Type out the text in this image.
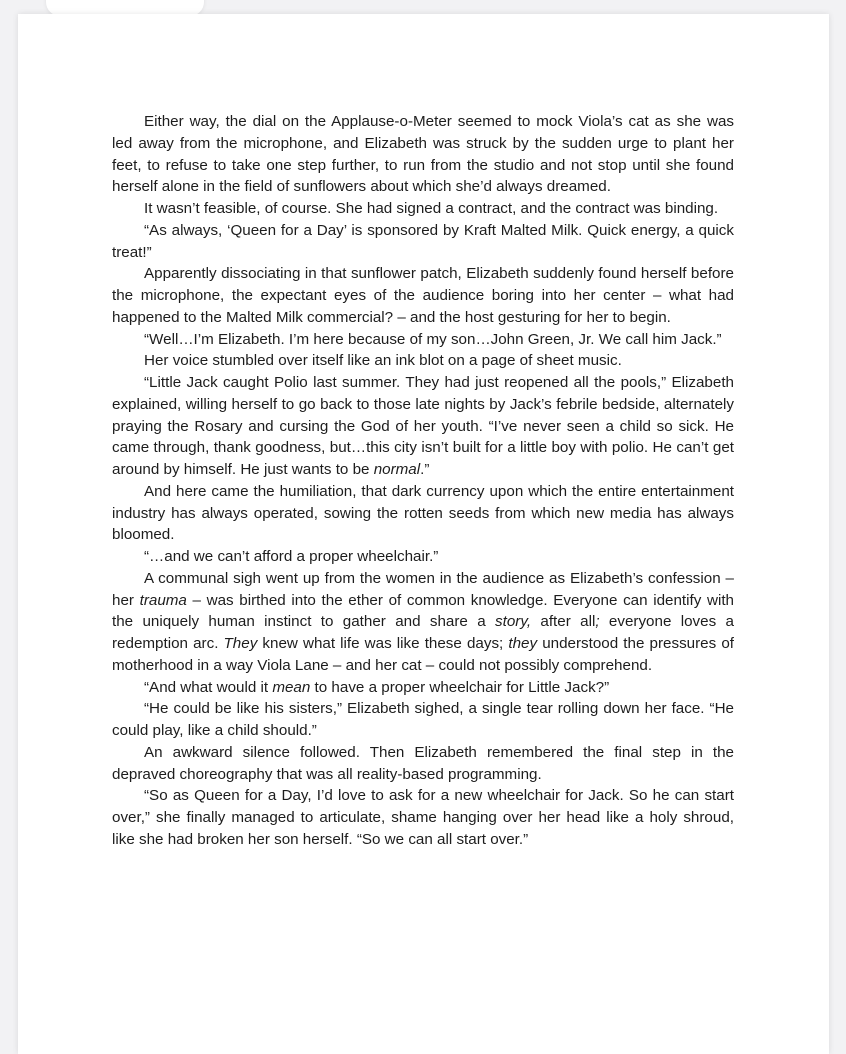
Either way, the dial on the Applause-o-Meter seemed to mock Viola’s cat as she was led away from the microphone, and Elizabeth was struck by the sudden urge to plant her feet, to refuse to take one step further, to run from the studio and not stop until she found herself alone in the field of sunflowers about which she’d always dreamed.

It wasn’t feasible, of course. She had signed a contract, and the contract was binding.

“As always, ‘Queen for a Day’ is sponsored by Kraft Malted Milk. Quick energy, a quick treat!”

Apparently dissociating in that sunflower patch, Elizabeth suddenly found herself before the microphone, the expectant eyes of the audience boring into her center – what had happened to the Malted Milk commercial? – and the host gesturing for her to begin.

“Well…I’m Elizabeth. I’m here because of my son…John Green, Jr. We call him Jack.”

Her voice stumbled over itself like an ink blot on a page of sheet music.

“Little Jack caught Polio last summer. They had just reopened all the pools,” Elizabeth explained, willing herself to go back to those late nights by Jack’s febrile bedside, alternately praying the Rosary and cursing the God of her youth. “I’ve never seen a child so sick. He came through, thank goodness, but…this city isn’t built for a little boy with polio. He can’t get around by himself. He just wants to be normal.”

And here came the humiliation, that dark currency upon which the entire entertainment industry has always operated, sowing the rotten seeds from which new media has always bloomed.

“…and we can’t afford a proper wheelchair.”

A communal sigh went up from the women in the audience as Elizabeth’s confession – her trauma – was birthed into the ether of common knowledge. Everyone can identify with the uniquely human instinct to gather and share a story, after all; everyone loves a redemption arc. They knew what life was like these days; they understood the pressures of motherhood in a way Viola Lane – and her cat – could not possibly comprehend.

“And what would it mean to have a proper wheelchair for Little Jack?”

“He could be like his sisters,” Elizabeth sighed, a single tear rolling down her face. “He could play, like a child should.”

An awkward silence followed. Then Elizabeth remembered the final step in the depraved choreography that was all reality-based programming.

“So as Queen for a Day, I’d love to ask for a new wheelchair for Jack. So he can start over,” she finally managed to articulate, shame hanging over her head like a holy shroud, like she had broken her son herself. “So we can all start over.”
